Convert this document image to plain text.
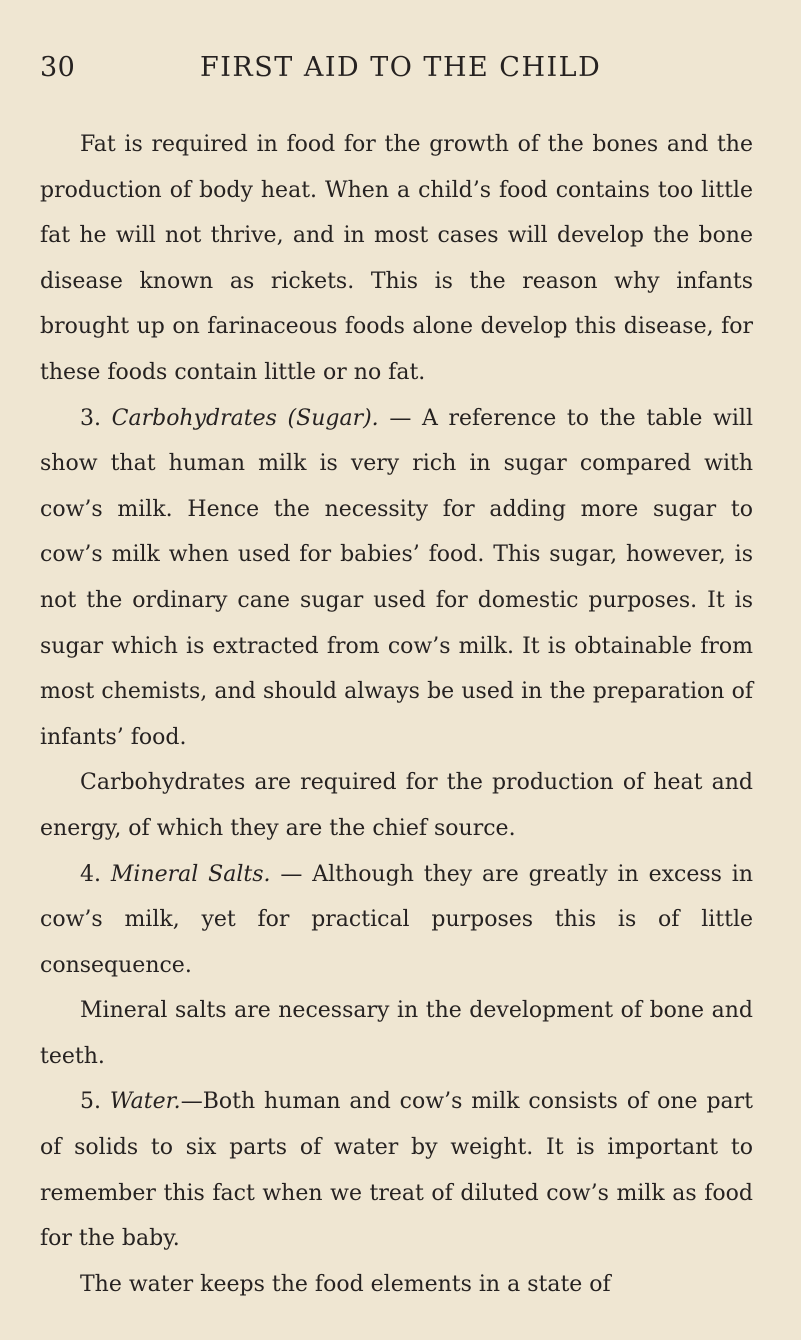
30	FIRST AID TO THE CHILD

Fat is required in food for the growth of the bones and the production of body heat. When a child’s food contains too little fat he will not thrive, and in most cases will develop the bone disease known as rickets. This is the reason why infants brought up on farinaceous foods alone develop this disease, for these foods contain little or no fat.

3. Carbohydrates (Sugar). — A reference to the table will show that human milk is very rich in sugar compared with cow’s milk. Hence the necessity for adding more sugar to cow’s milk when used for babies’ food. This sugar, however, is not the ordinary cane sugar used for domestic purposes. It is sugar which is extracted from cow’s milk. It is obtainable from most chemists, and should always be used in the preparation of infants’ food.

Carbohydrates are required for the production of heat and energy, of which they are the chief source.

4. Mineral Salts. — Although they are greatly in excess in cow’s milk, yet for practical purposes this is of little consequence.

Mineral salts are necessary in the development of bone and teeth.

5. Water.—Both human and cow’s milk consists of one part of solids to six parts of water by weight. It is important to remember this fact when we treat of diluted cow’s milk as food for the baby.

The water keeps the food elements in a state of
